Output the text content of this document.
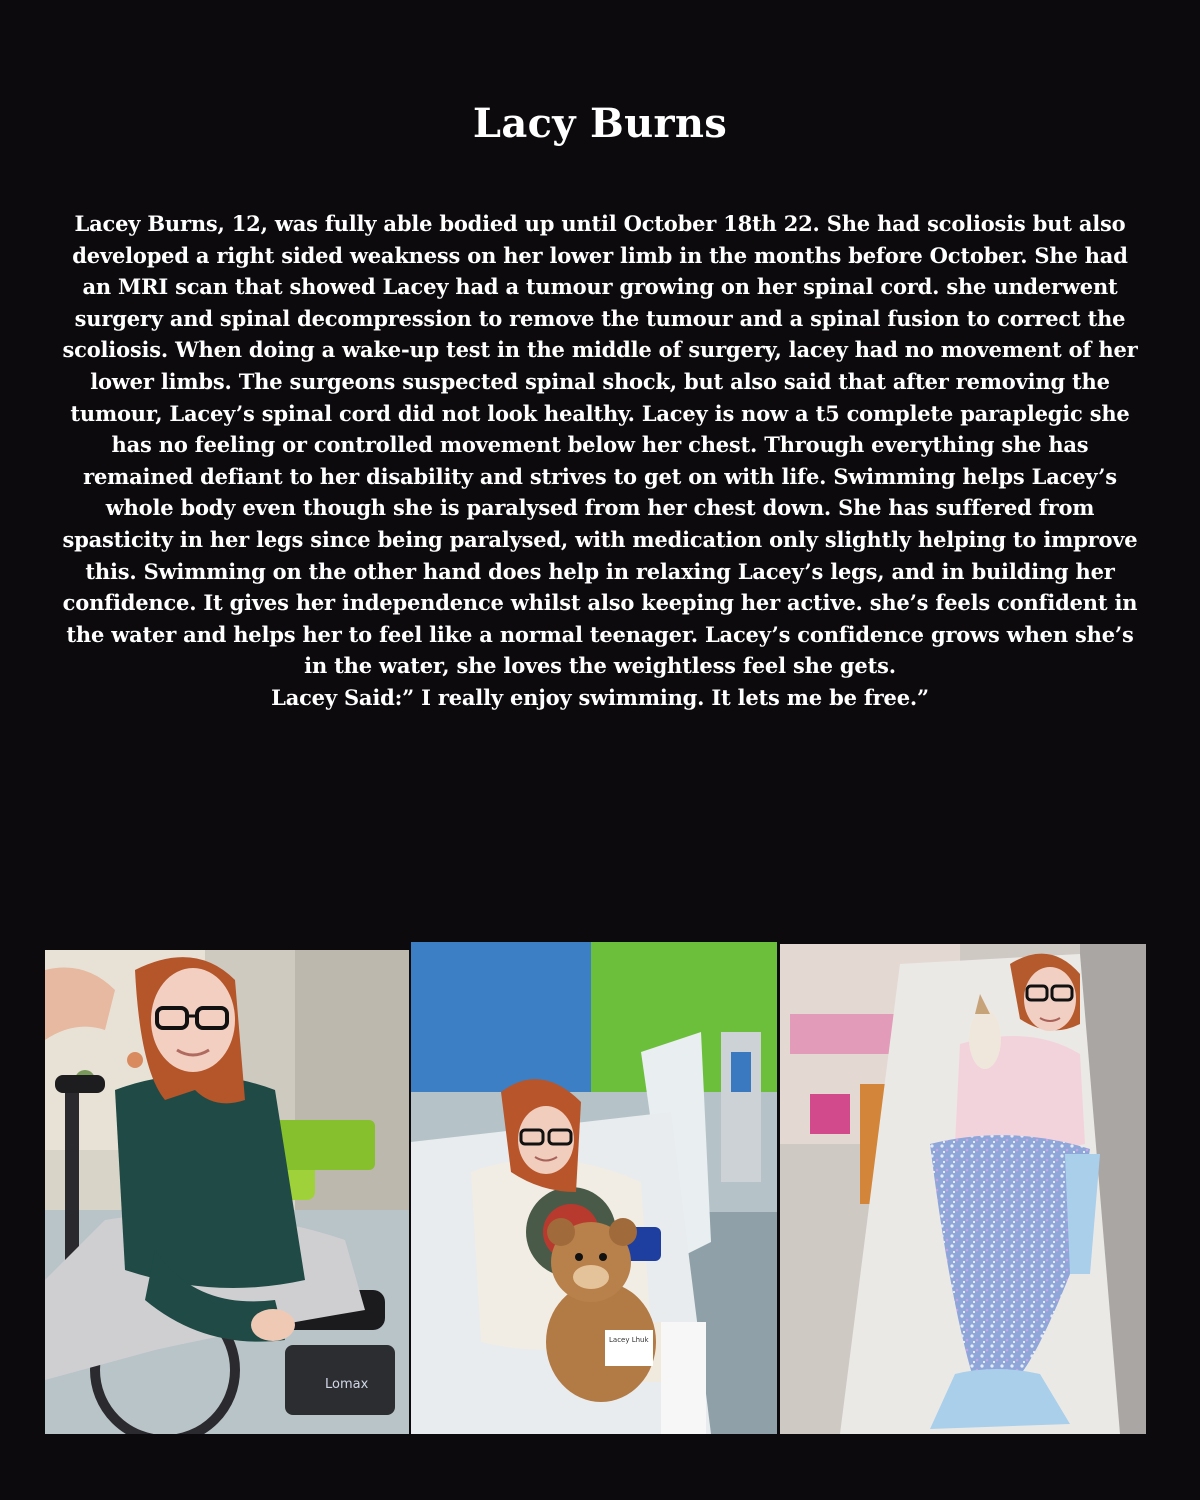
Lacy Burns

Lacey Burns, 12, was fully able bodied up until October 18th 22. She had scoliosis but also developed a right sided weakness on her lower limb in the months before October. She had an MRI scan that showed Lacey had a tumour growing on her spinal cord. she underwent surgery and spinal decompression to remove the tumour and a spinal fusion to correct the scoliosis. When doing a wake-up test in the middle of surgery, lacey had no movement of her lower limbs. The surgeons suspected spinal shock, but also said that after removing the tumour, Lacey’s spinal cord did not look healthy. Lacey is now a t5 complete paraplegic she has no feeling or controlled movement below her chest. Through everything she has remained defiant to her disability and strives to get on with life. Swimming helps Lacey’s whole body even though she is paralysed from her chest down. She has suffered from spasticity in her legs since being paralysed, with medication only slightly helping to improve this. Swimming on the other hand does help in relaxing Lacey’s legs, and in building her confidence. It gives her independence whilst also keeping her active. she’s feels confident in the water and helps her to feel like a normal teenager. Lacey’s confidence grows when she’s in the water, she loves the weightless feel she gets.

Lacey Said:” I really enjoy swimming. It lets me be free.”

Lomax
Lacey Lhuk
